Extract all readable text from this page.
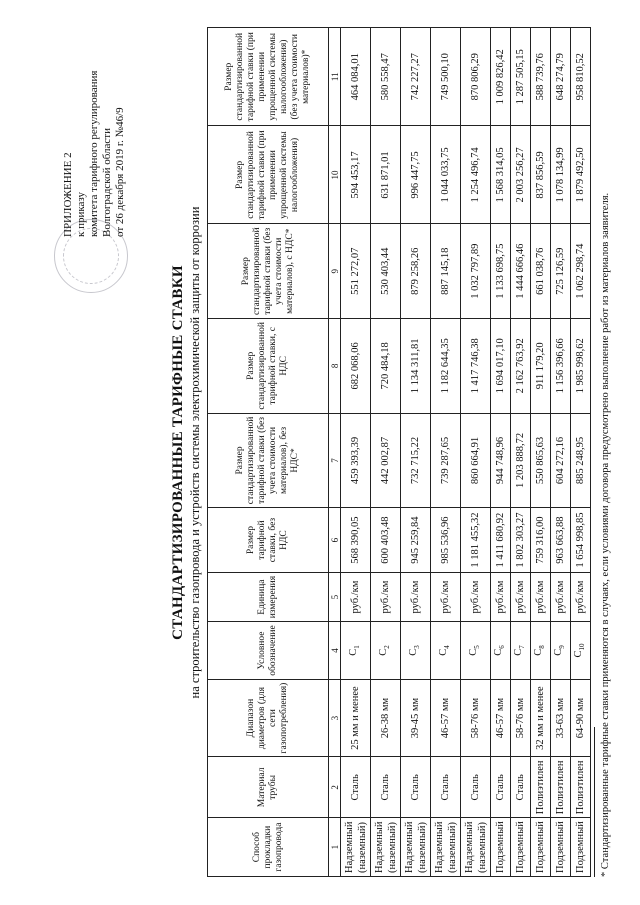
ПРИЛОЖЕНИЕ 2 к приказу комитета тарифного регулирования Волгоградской области от 26 декабря 2019 г. №46/9
СТАНДАРТИЗИРОВАННЫЕ ТАРИФНЫЕ СТАВКИ на строительство газопровода и устройств системы электрохимической защиты от коррозии
Способ прокладки газопровода	Материал трубы	Диапазон диаметров (для сети газопотребления)	Условное обозначение	Единица измерения	Размер тарифной ставки, без НДС	Размер стандартизированной тарифной ставки (без учета стоимости материалов), без НДС*	Размер стандартизированной тарифной ставки, с НДС	Размер стандартизированной тарифной ставки (без учета стоимости материалов), с НДС*	Размер стандартизированной тарифной ставки (при применении упрощенной системы налогообложения)	Размер стандартизированной тарифной ставки (при применении упрощенной системы налогообложения) (без учета стоимости материалов)*
1	2	3	4	5	6	7	8	9	10	11
Надземный (наземный)	Сталь	25 мм и менее	$С_1$	руб./км	568 390,05	459 393,39	682 068,06	551 272,07	594 453,17	464 084,01
Надземный (наземный)	Сталь	26-38 мм	$С_2$	руб./км	600 403,48	442 002,87	720 484,18	530 403,44	631 871,01	580 558,47
Надземный (наземный)	Сталь	39-45 мм	$С_3$	руб./км	945 259,84	732 715,22	1 134 311,81	879 258,26	996 447,75	742 227,27
Надземный (наземный)	Сталь	46-57 мм	$С_4$	руб./км	985 536,96	739 287,65	1 182 644,35	887 145,18	1 044 033,75	749 500,10
Надземный (наземный)	Сталь	58-76 мм	$С_5$	руб./км	1 181 455,32	860 664,91	1 417 746,38	1 032 797,89	1 254 496,74	870 806,29
Подземный	Сталь	46-57 мм	$С_6$	руб./км	1 411 680,92	944 748,96	1 694 017,10	1 133 698,75	1 568 314,05	1 009 826,42
Подземный	Сталь	58-76 мм	$С_7$	руб./км	1 802 303,27	1 203 888,72	2 162 763,92	1 444 666,46	2 003 256,27	1 287 505,15
Подземный	Полиэтилен	32 мм и менее	$С_8$	руб./км	759 316,00	550 865,63	911 179,20	661 038,76	837 856,59	588 739,76
Подземный	Полиэтилен	33-63 мм	$С_9$	руб./км	963 663,88	604 272,16	1 156 396,66	725 126,59	1 078 134,99	648 274,79
Подземный	Полиэтилен	64-90 мм	$С_{10}$	руб./км	1 654 998,85	885 248,95	1 985 998,62	1 062 298,74	1 879 492,50	958 810,52
* Стандартизированные тарифные ставки применяются в случаях, если условиями договора предусмотрено выполнение работ из материалов заявителя.
